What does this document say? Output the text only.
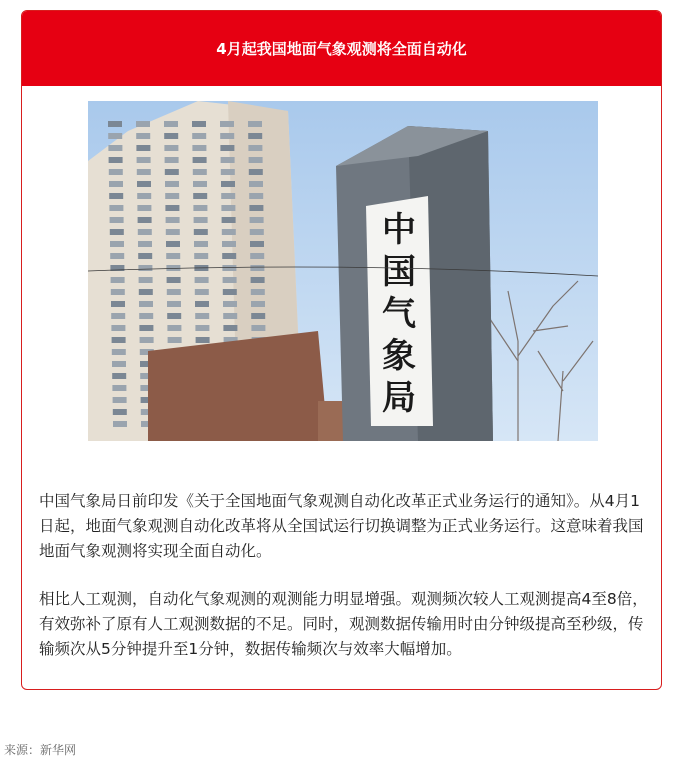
4月起我国地面气象观测将全面自动化
中
国
气
象
局

中国气象局日前印发《关于全国地面气象观测自动化改革正式业务运行的通知》。从4月1日起，地面气象观测自动化改革将从全国试运行切换调整为正式业务运行。这意味着我国地面气象观测将实现全面自动化。

相比人工观测，自动化气象观测的观测能力明显增强。观测频次较人工观测提高4至8倍，有效弥补了原有人工观测数据的不足。同时，观测数据传输用时由分钟级提高至秒级，传输频次从5分钟提升至1分钟，数据传输频次与效率大幅增加。

来源：新华网
